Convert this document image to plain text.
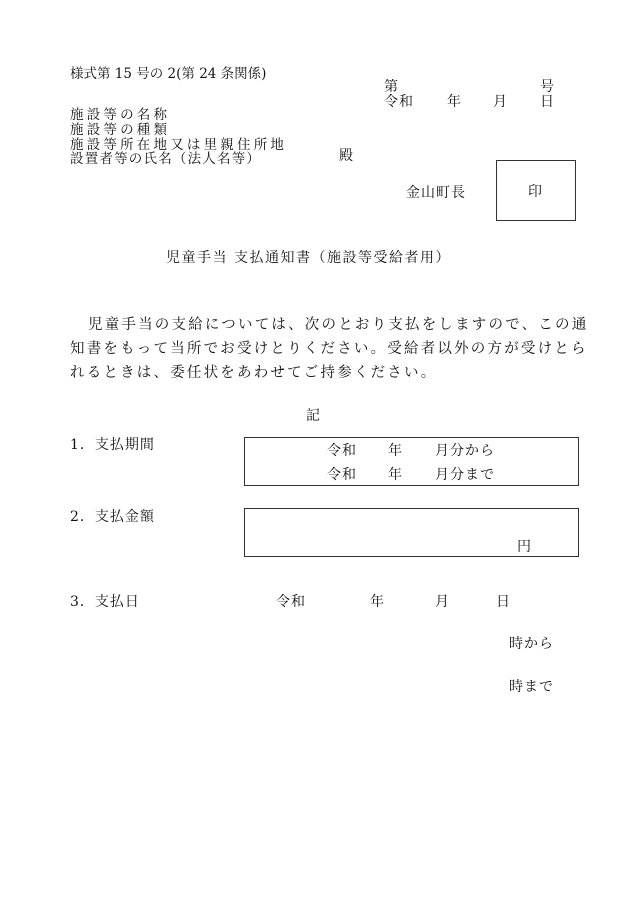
様式第 15 号の 2(第 24 条関係)
第	号
令和 年 月 日
施設等の名称
施設等の種類
施設等所在地又は里親住所地
設置者等の氏名（法人名等）	殿
金山町長	印
児童手当 支払通知書（施設等受給者用）
児童手当の支給については、次のとおり支払をしますので、この通
知書をもって当所でお受けとりください。受給者以外の方が受けとら
れるときは、委任状をあわせてご持参ください。
記
1．支払期間	令和 年 月分から
令和 年 月分まで
2．支払金額
円
3．支払日	令和	年	月	日
時から
時まで
